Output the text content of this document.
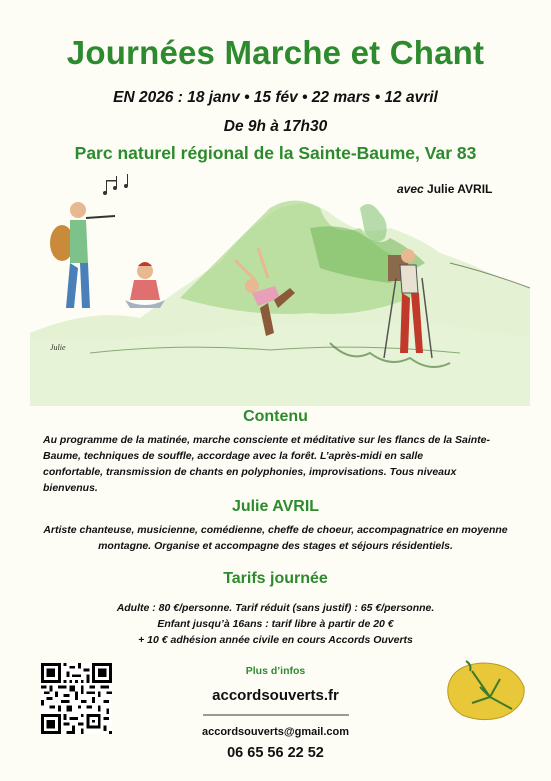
Journées Marche et Chant
EN 2026 : 18 janv • 15 fév • 22 mars • 12 avril
De 9h à 17h30
Parc naturel régional de la Sainte-Baume, Var 83
Julie
avec Julie AVRIL
Contenu
Au programme de la matinée, marche consciente et méditative sur les flancs de la Sainte-
Baume, techniques de souffle, accordage avec la forêt. L’après-midi en salle
confortable, transmission de chants en polyphonies, improvisations. Tous niveaux
bienvenus.
Julie AVRIL
Artiste chanteuse, musicienne, comédienne, cheffe de choeur, accompagnatrice en moyenne
montagne. Organise et accompagne des stages et séjours résidentiels.
Tarifs journée
Adulte : 80 €/personne. Tarif réduit (sans justif) : 65 €/personne.
Enfant jusqu’à 16ans : tarif libre à partir de 20 €
+ 10 € adhésion année civile en cours Accords Ouverts
Plus d’infos
accordsouverts.fr
accordsouverts@gmail.com
06 65 56 22 52
